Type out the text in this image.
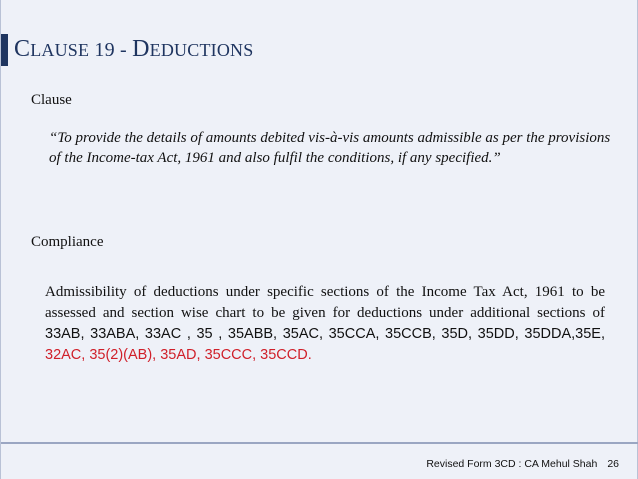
CLAUSE 19 - DEDUCTIONS
Clause
“To provide the details of amounts debited vis-à-vis amounts admissible as per the provisions of the Income-tax Act, 1961 and also fulfil the conditions, if any specified.”
Compliance
Admissibility of deductions under specific sections of the Income Tax Act, 1961 to be assessed and section wise chart to be given for deductions under additional sections of 33AB, 33ABA, 33AC , 35 , 35ABB, 35AC, 35CCA, 35CCB, 35D, 35DD, 35DDA,35E, 32AC, 35(2)(AB), 35AD, 35CCC, 35CCD.
Revised Form 3CD : CA Mehul Shah 26
